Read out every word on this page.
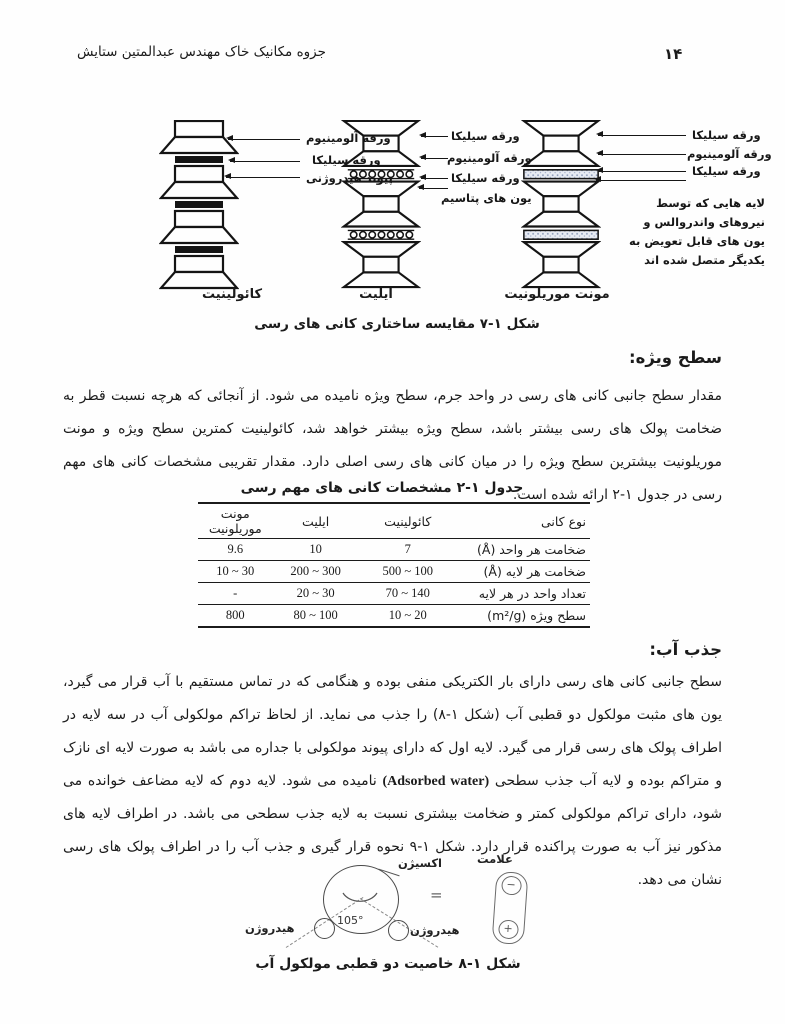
جزوه مکانیک خاک مهندس عبدالمتین ستایش	۱۴
ورقه آلومینیوم
ورقه سیلیکا
پیوند هیدروژنی
ورقه سیلیکا
ورقه آلومینیوم
ورقه سیلیکا
یون های پتاسیم
ورقه سیلیکا
ورقه آلومینیوم
ورقه سیلیکا
لایه هایی که توسط
نیروهای واندروالس و
یون های قابل تعویض به
یکدیگر متصل شده اند
کائولینیت	ایلیت	مونت موریلونیت
شکل ۱-۷ مقایسه ساختاری کانی های رسی
سطح ویژه:
مقدار سطح جانبی کانی های رسی در واحد جرم، سطح ویژه نامیده می شود. از آنجائی که هرچه نسبت قطر به ضخامت پولک های رسی بیشتر باشد، سطح ویژه بیشتر خواهد شد، کائولینیت کمترین سطح ویژه و مونت موریلونیت بیشترین سطح ویژه را در میان کانی های رسی اصلی دارد. مقدار تقریبی مشخصات کانی های مهم رسی در جدول ۱-۲ ارائه شده است.
جدول ۱-۲ مشخصات کانی های مهم رسی
نوع کانی	کائولینیت	ایلیت	مونت موریلونیت
ضخامت هر واحد (Å)	7	10	9.6
ضخامت هر لایه (Å)	500 ~ 100	200 ~ 300	10 ~ 30
تعداد واحد در هر لایه	70 ~ 140	20 ~ 30	-
سطح ویژه (m²/g)	10 ~ 20	80 ~ 100	800
جذب آب:
سطح جانبی کانی های رسی دارای بار الکتریکی منفی بوده و هنگامی که در تماس مستقیم با آب قرار می گیرد، یون های مثبت مولکول دو قطبی آب (شکل ۱-۸) را جذب می نماید. از لحاظ تراکم مولکولی آب در سه لایه در اطراف پولک های رسی قرار می گیرد. لایه اول که دارای پیوند مولکولی با جداره می باشد به صورت لایه ای نازک و متراکم بوده و لایه آب جذب سطحی (Adsorbed water) نامیده می شود. لایه دوم که لایه مضاعف خوانده می شود، دارای تراکم مولکولی کمتر و ضخامت بیشتری نسبت به لایه جذب سطحی می باشد. در اطراف لایه های مذکور نیز آب به صورت پراکنده قرار دارد. شکل ۱-۹ نحوه قرار گیری و جذب آب را در اطراف پولک های رسی نشان می دهد.
اکسیژن
هیدروژن	هیدروژن
105°
=
علامت
−
+
شکل ۱-۸ خاصیت دو قطبی مولکول آب
